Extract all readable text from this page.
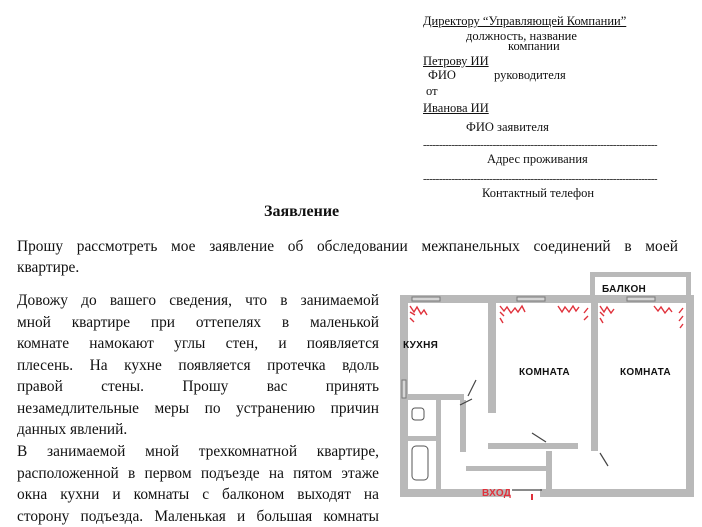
Директору “Управляющей Компании”
должность, название
компании
Петрову ИИ
ФИО	руководителя
от
Иванова ИИ
ФИО заявителя
--------------------------------------------------------------------------
Адрес проживания
--------------------------------------------------------------------------
Контактный телефон
Заявление
Прошу рассмотреть мое заявление об обследовании межпанельных соединений в моей
квартире.
Довожу до вашего сведения, что в занимаемой
мной квартире при оттепелях в маленькой
комнате намокают углы стен, и появляется
плесень. На кухне появляется протечка вдоль
правой стены. Прошу вас принять
незамедлительные меры по устранению причин
данных явлений.
В занимаемой мной трехкомнатной квартире,
расположенной в первом подъезде на пятом этаже
окна кухни и комнаты с балконом выходят на
сторону подъезда. Маленькая и большая комнаты
КУХНЯ
КОМНАТА	КОМНАТА
БАЛКОН
ВХОД
